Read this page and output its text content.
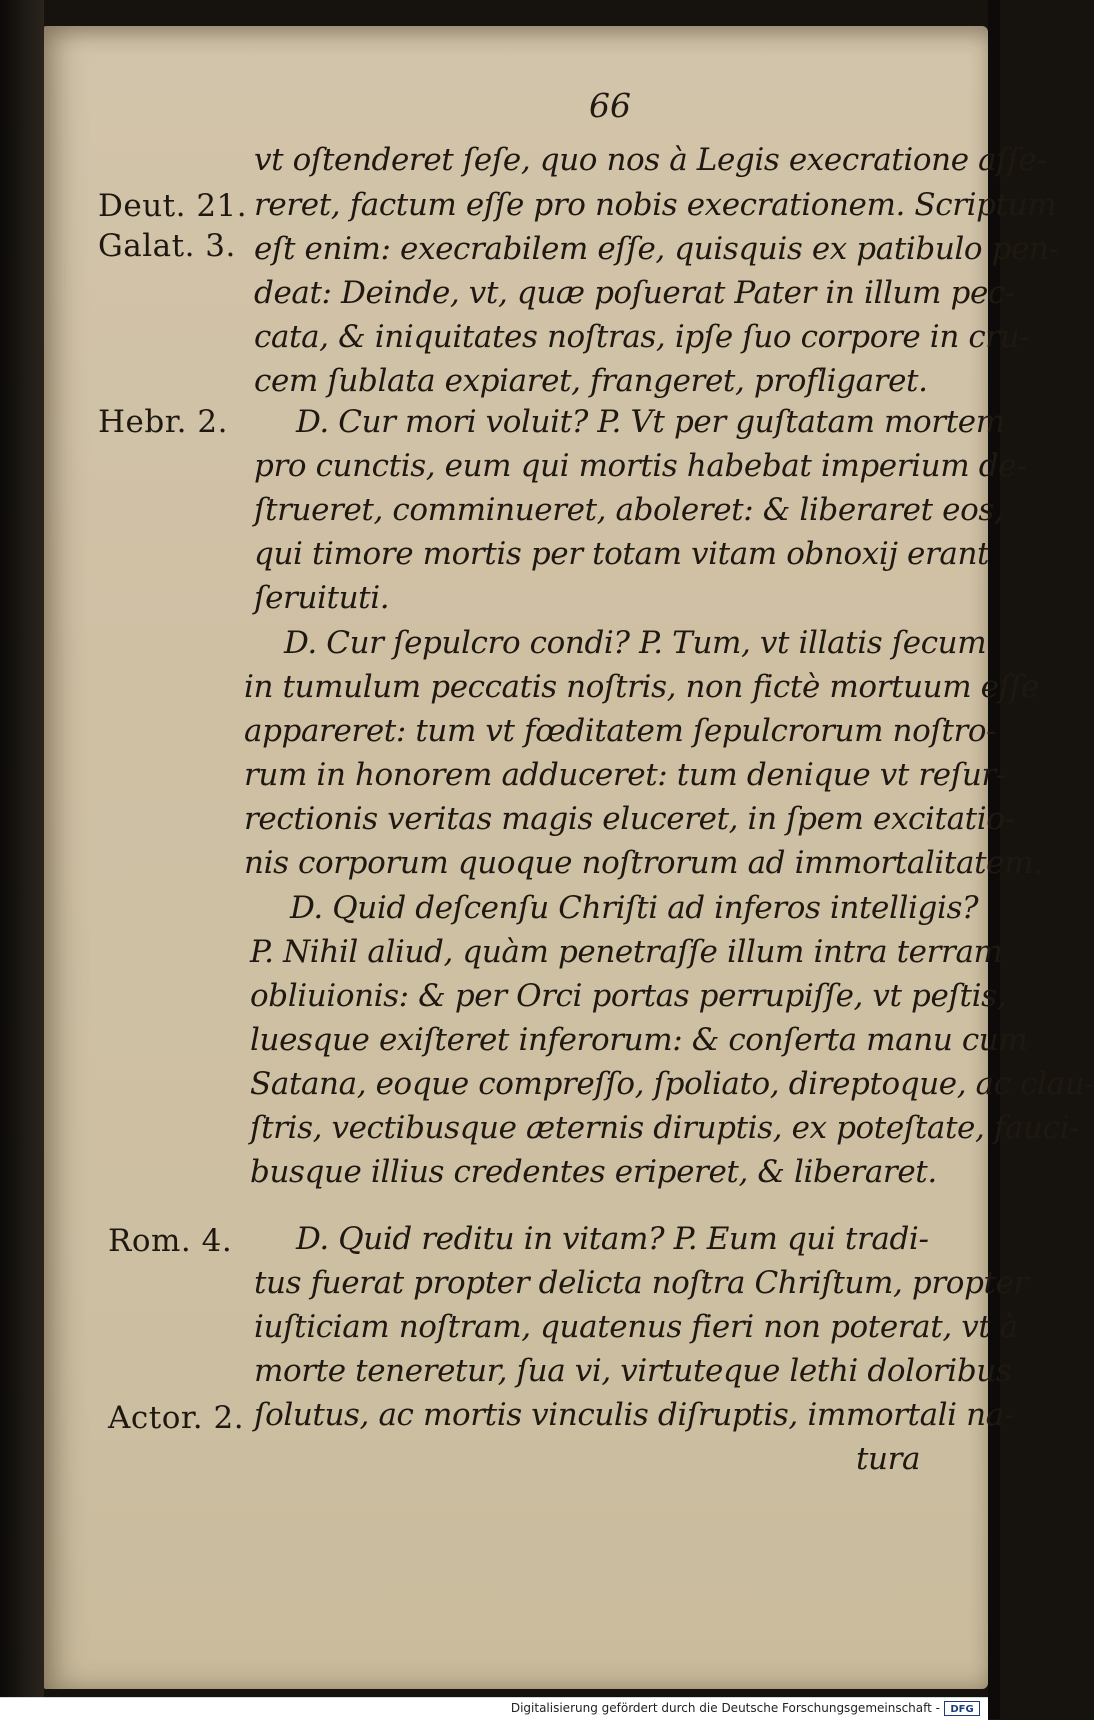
66
Deut. 21.
Galat. 3.
Hebr. 2.
Rom. 4.
Actor. 2.
vt oſtenderet ſeſe, quo nos à Legis execratione aſſe-
reret, factum eſſe pro nobis execrationem. Scriptum
eſt enim: execrabilem eſſe, quisquis ex patibulo pen-
deat: Deinde, vt, quæ poſuerat Pater in illum pec-
cata, & iniquitates noſtras, ipſe ſuo corpore in cru-
cem ſublata expiaret, frangeret, profligaret.
D. Cur mori voluit? P. Vt per guſtatam mortem
pro cunctis, eum qui mortis habebat imperium de-
ſtrueret, comminueret, aboleret: & liberaret eos,
qui timore mortis per totam vitam obnoxij erant
ſeruituti.
D. Cur ſepulcro condi? P. Tum, vt illatis ſecum
in tumulum peccatis noſtris, non fictè mortuum eſſe
appareret: tum vt fœditatem ſepulcrorum noſtro-
rum in honorem adduceret: tum denique vt reſur-
rectionis veritas magis eluceret, in ſpem excitatio-
nis corporum quoque noſtrorum ad immortalitatem.
D. Quid deſcenſu Chriſti ad inferos intelligis?
P. Nihil aliud, quàm penetraſſe illum intra terram
obliuionis: & per Orci portas perrupiſſe, vt peſtis,
luesque exiſteret inferorum: & conſerta manu cum
Satana, eoque compreſſo, ſpoliato, direptoque, ac clau-
ſtris, vectibusque æternis diruptis, ex poteſtate, fauci-
busque illius credentes eriperet, & liberaret.
D. Quid reditu in vitam? P. Eum qui tradi-
tus fuerat propter delicta noſtra Chriſtum, propter
iuſticiam noſtram, quatenus fieri non poterat, vt à
morte teneretur, ſua vi, virtuteque lethi doloribus
ſolutus, ac mortis vinculis diſruptis, immortali na-
tura
Digitalisierung gefördert durch die Deutsche Forschungsgemeinschaft -	DFG
